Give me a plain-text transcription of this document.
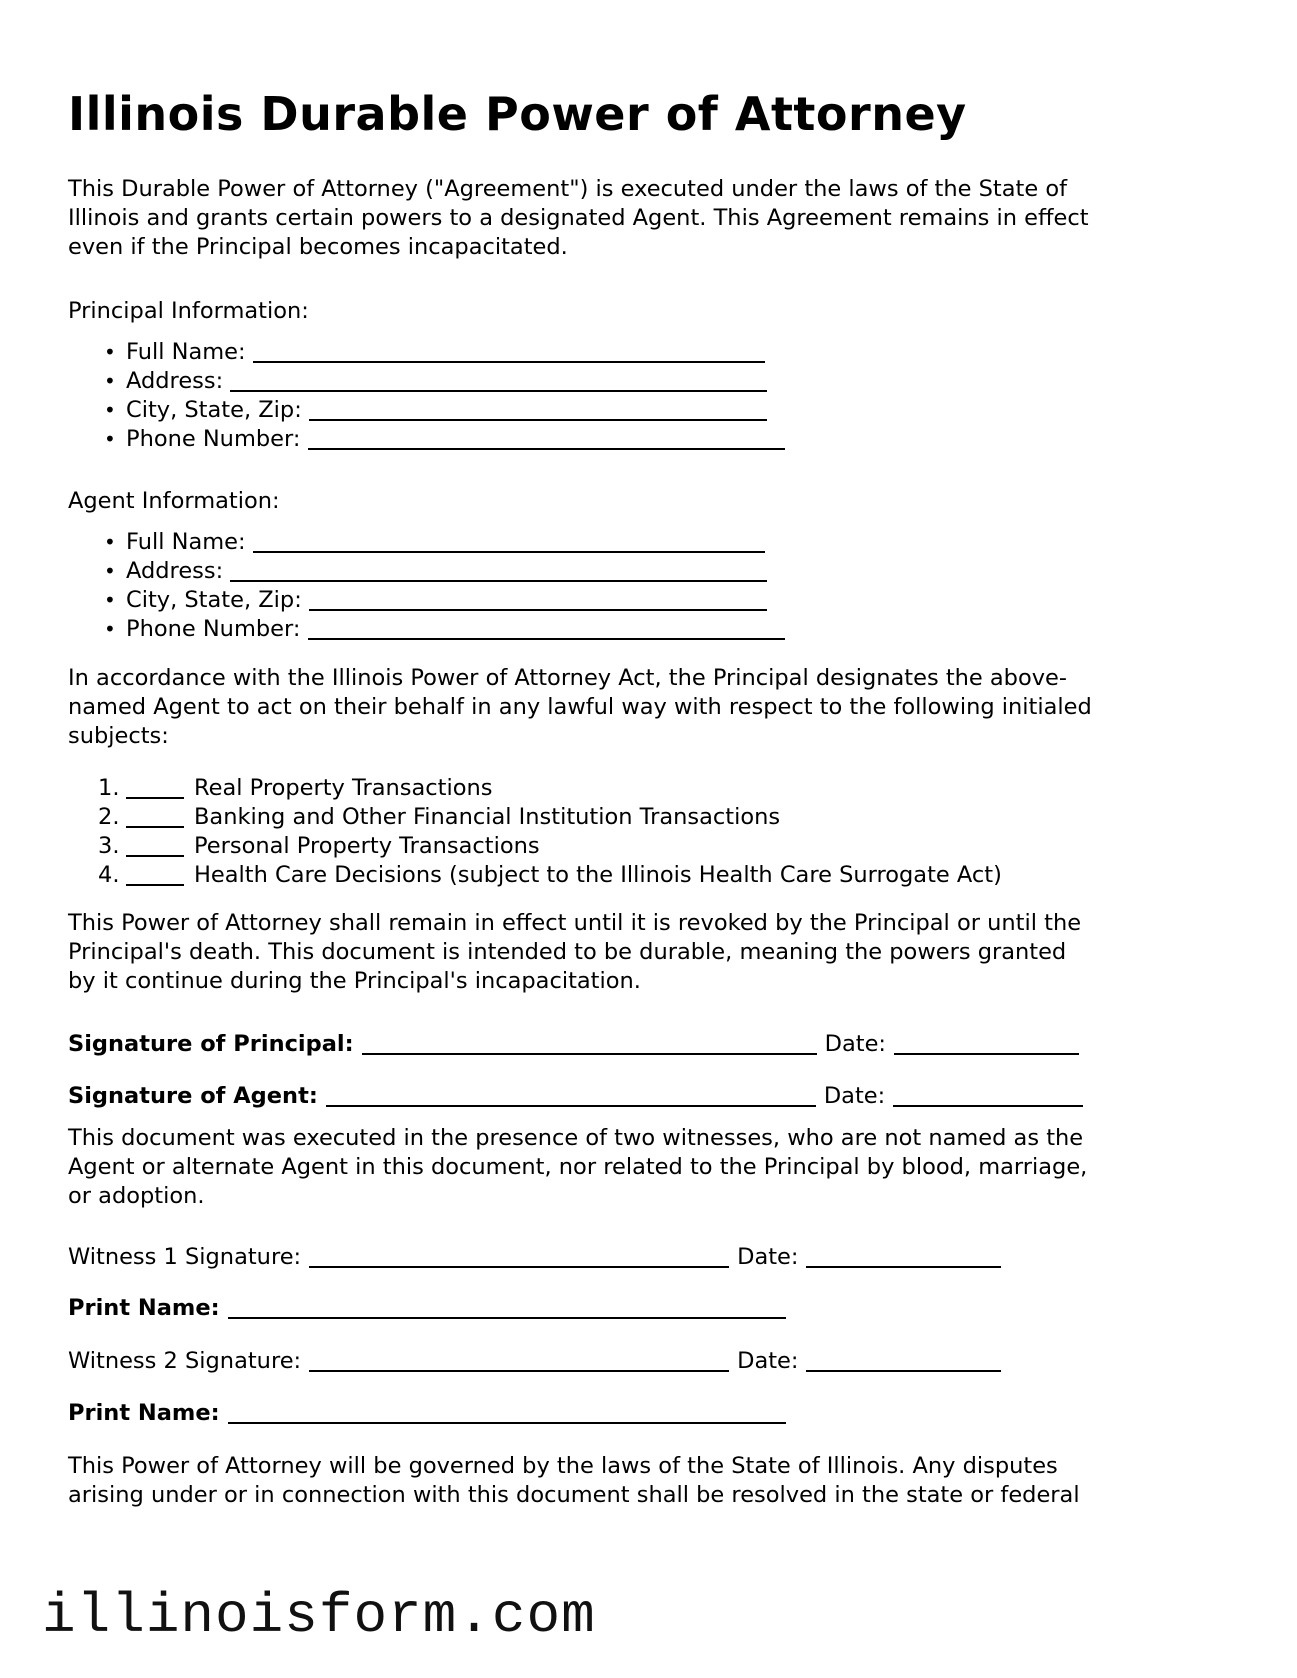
Illinois Durable Power of Attorney
This Durable Power of Attorney ("Agreement") is executed under the laws of the State of
Illinois and grants certain powers to a designated Agent. This Agreement remains in effect
even if the Principal becomes incapacitated.
Principal Information:
• Full Name:
• Address:
• City, State, Zip:
• Phone Number:
Agent Information:
• Full Name:
• Address:
• City, State, Zip:
• Phone Number:
In accordance with the Illinois Power of Attorney Act, the Principal designates the above-
named Agent to act on their behalf in any lawful way with respect to the following initialed
subjects:
1.	Real Property Transactions
2.	Banking and Other Financial Institution Transactions
3.	Personal Property Transactions
4.	Health Care Decisions (subject to the Illinois Health Care Surrogate Act)
This Power of Attorney shall remain in effect until it is revoked by the Principal or until the
Principal's death. This document is intended to be durable, meaning the powers granted
by it continue during the Principal's incapacitation.
Signature of Principal:	Date:
Signature of Agent:	Date:
This document was executed in the presence of two witnesses, who are not named as the
Agent or alternate Agent in this document, nor related to the Principal by blood, marriage,
or adoption.
Witness 1 Signature:	Date:
Print Name:
Witness 2 Signature:	Date:
Print Name:
This Power of Attorney will be governed by the laws of the State of Illinois. Any disputes
arising under or in connection with this document shall be resolved in the state or federal
illinoisform.com
